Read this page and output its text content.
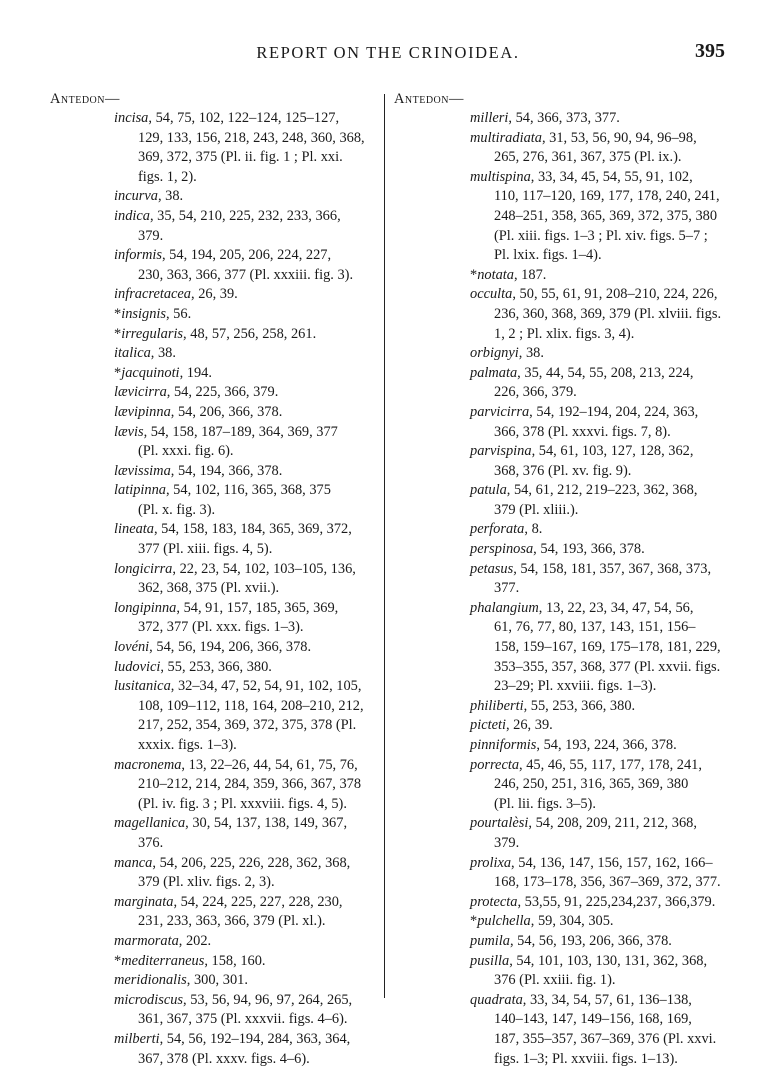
REPORT ON THE CRINOIDEA.	395
Antedon—
incisa, 54, 75, 102, 122–124, 125–127,
129, 133, 156, 218, 243, 248, 360, 368,
369, 372, 375 (Pl. ii. fig. 1 ; Pl. xxi.
figs. 1, 2).
incurva, 38.
indica, 35, 54, 210, 225, 232, 233, 366,
379.
informis, 54, 194, 205, 206, 224, 227,
230, 363, 366, 377 (Pl. xxxiii. fig. 3).
infracretacea, 26, 39.
*insignis, 56.
*irregularis, 48, 57, 256, 258, 261.
italica, 38.
*jacquinoti, 194.
lævicirra, 54, 225, 366, 379.
lævipinna, 54, 206, 366, 378.
lævis, 54, 158, 187–189, 364, 369, 377
(Pl. xxxi. fig. 6).
lævissima, 54, 194, 366, 378.
latipinna, 54, 102, 116, 365, 368, 375
(Pl. x. fig. 3).
lineata, 54, 158, 183, 184, 365, 369, 372,
377 (Pl. xiii. figs. 4, 5).
longicirra, 22, 23, 54, 102, 103–105, 136,
362, 368, 375 (Pl. xvii.).
longipinna, 54, 91, 157, 185, 365, 369,
372, 377 (Pl. xxx. figs. 1–3).
lovéni, 54, 56, 194, 206, 366, 378.
ludovici, 55, 253, 366, 380.
lusitanica, 32–34, 47, 52, 54, 91, 102, 105,
108, 109–112, 118, 164, 208–210, 212,
217, 252, 354, 369, 372, 375, 378 (Pl.
xxxix. figs. 1–3).
macronema, 13, 22–26, 44, 54, 61, 75, 76,
210–212, 214, 284, 359, 366, 367, 378
(Pl. iv. fig. 3 ; Pl. xxxviii. figs. 4, 5).
magellanica, 30, 54, 137, 138, 149, 367,
376.
manca, 54, 206, 225, 226, 228, 362, 368,
379 (Pl. xliv. figs. 2, 3).
marginata, 54, 224, 225, 227, 228, 230,
231, 233, 363, 366, 379 (Pl. xl.).
marmorata, 202.
*mediterraneus, 158, 160.
meridionalis, 300, 301.
microdiscus, 53, 56, 94, 96, 97, 264, 265,
361, 367, 375 (Pl. xxxvii. figs. 4–6).
milberti, 54, 56, 192–194, 284, 363, 364,
367, 378 (Pl. xxxv. figs. 4–6).
Antedon—
milleri, 54, 366, 373, 377.
multiradiata, 31, 53, 56, 90, 94, 96–98,
265, 276, 361, 367, 375 (Pl. ix.).
multispina, 33, 34, 45, 54, 55, 91, 102,
110, 117–120, 169, 177, 178, 240, 241,
248–251, 358, 365, 369, 372, 375, 380
(Pl. xiii. figs. 1–3 ; Pl. xiv. figs. 5–7 ;
Pl. lxix. figs. 1–4).
*notata, 187.
occulta, 50, 55, 61, 91, 208–210, 224, 226,
236, 360, 368, 369, 379 (Pl. xlviii. figs.
1, 2 ; Pl. xlix. figs. 3, 4).
orbignyi, 38.
palmata, 35, 44, 54, 55, 208, 213, 224,
226, 366, 379.
parvicirra, 54, 192–194, 204, 224, 363,
366, 378 (Pl. xxxvi. figs. 7, 8).
parvispina, 54, 61, 103, 127, 128, 362,
368, 376 (Pl. xv. fig. 9).
patula, 54, 61, 212, 219–223, 362, 368,
379 (Pl. xliii.).
perforata, 8.
perspinosa, 54, 193, 366, 378.
petasus, 54, 158, 181, 357, 367, 368, 373,
377.
phalangium, 13, 22, 23, 34, 47, 54, 56,
61, 76, 77, 80, 137, 143, 151, 156–
158, 159–167, 169, 175–178, 181, 229,
353–355, 357, 368, 377 (Pl. xxvii. figs.
23–29; Pl. xxviii. figs. 1–3).
philiberti, 55, 253, 366, 380.
picteti, 26, 39.
pinniformis, 54, 193, 224, 366, 378.
porrecta, 45, 46, 55, 117, 177, 178, 241,
246, 250, 251, 316, 365, 369, 380
(Pl. lii. figs. 3–5).
pourtalèsi, 54, 208, 209, 211, 212, 368,
379.
prolixa, 54, 136, 147, 156, 157, 162, 166–
168, 173–178, 356, 367–369, 372, 377.
protecta, 53,55, 91, 225,234,237, 366,379.
*pulchella, 59, 304, 305.
pumila, 54, 56, 193, 206, 366, 378.
pusilla, 54, 101, 103, 130, 131, 362, 368,
376 (Pl. xxiii. fig. 1).
quadrata, 33, 34, 54, 57, 61, 136–138,
140–143, 147, 149–156, 168, 169,
187, 355–357, 367–369, 376 (Pl. xxvi.
figs. 1–3; Pl. xxviii. figs. 1–13).
